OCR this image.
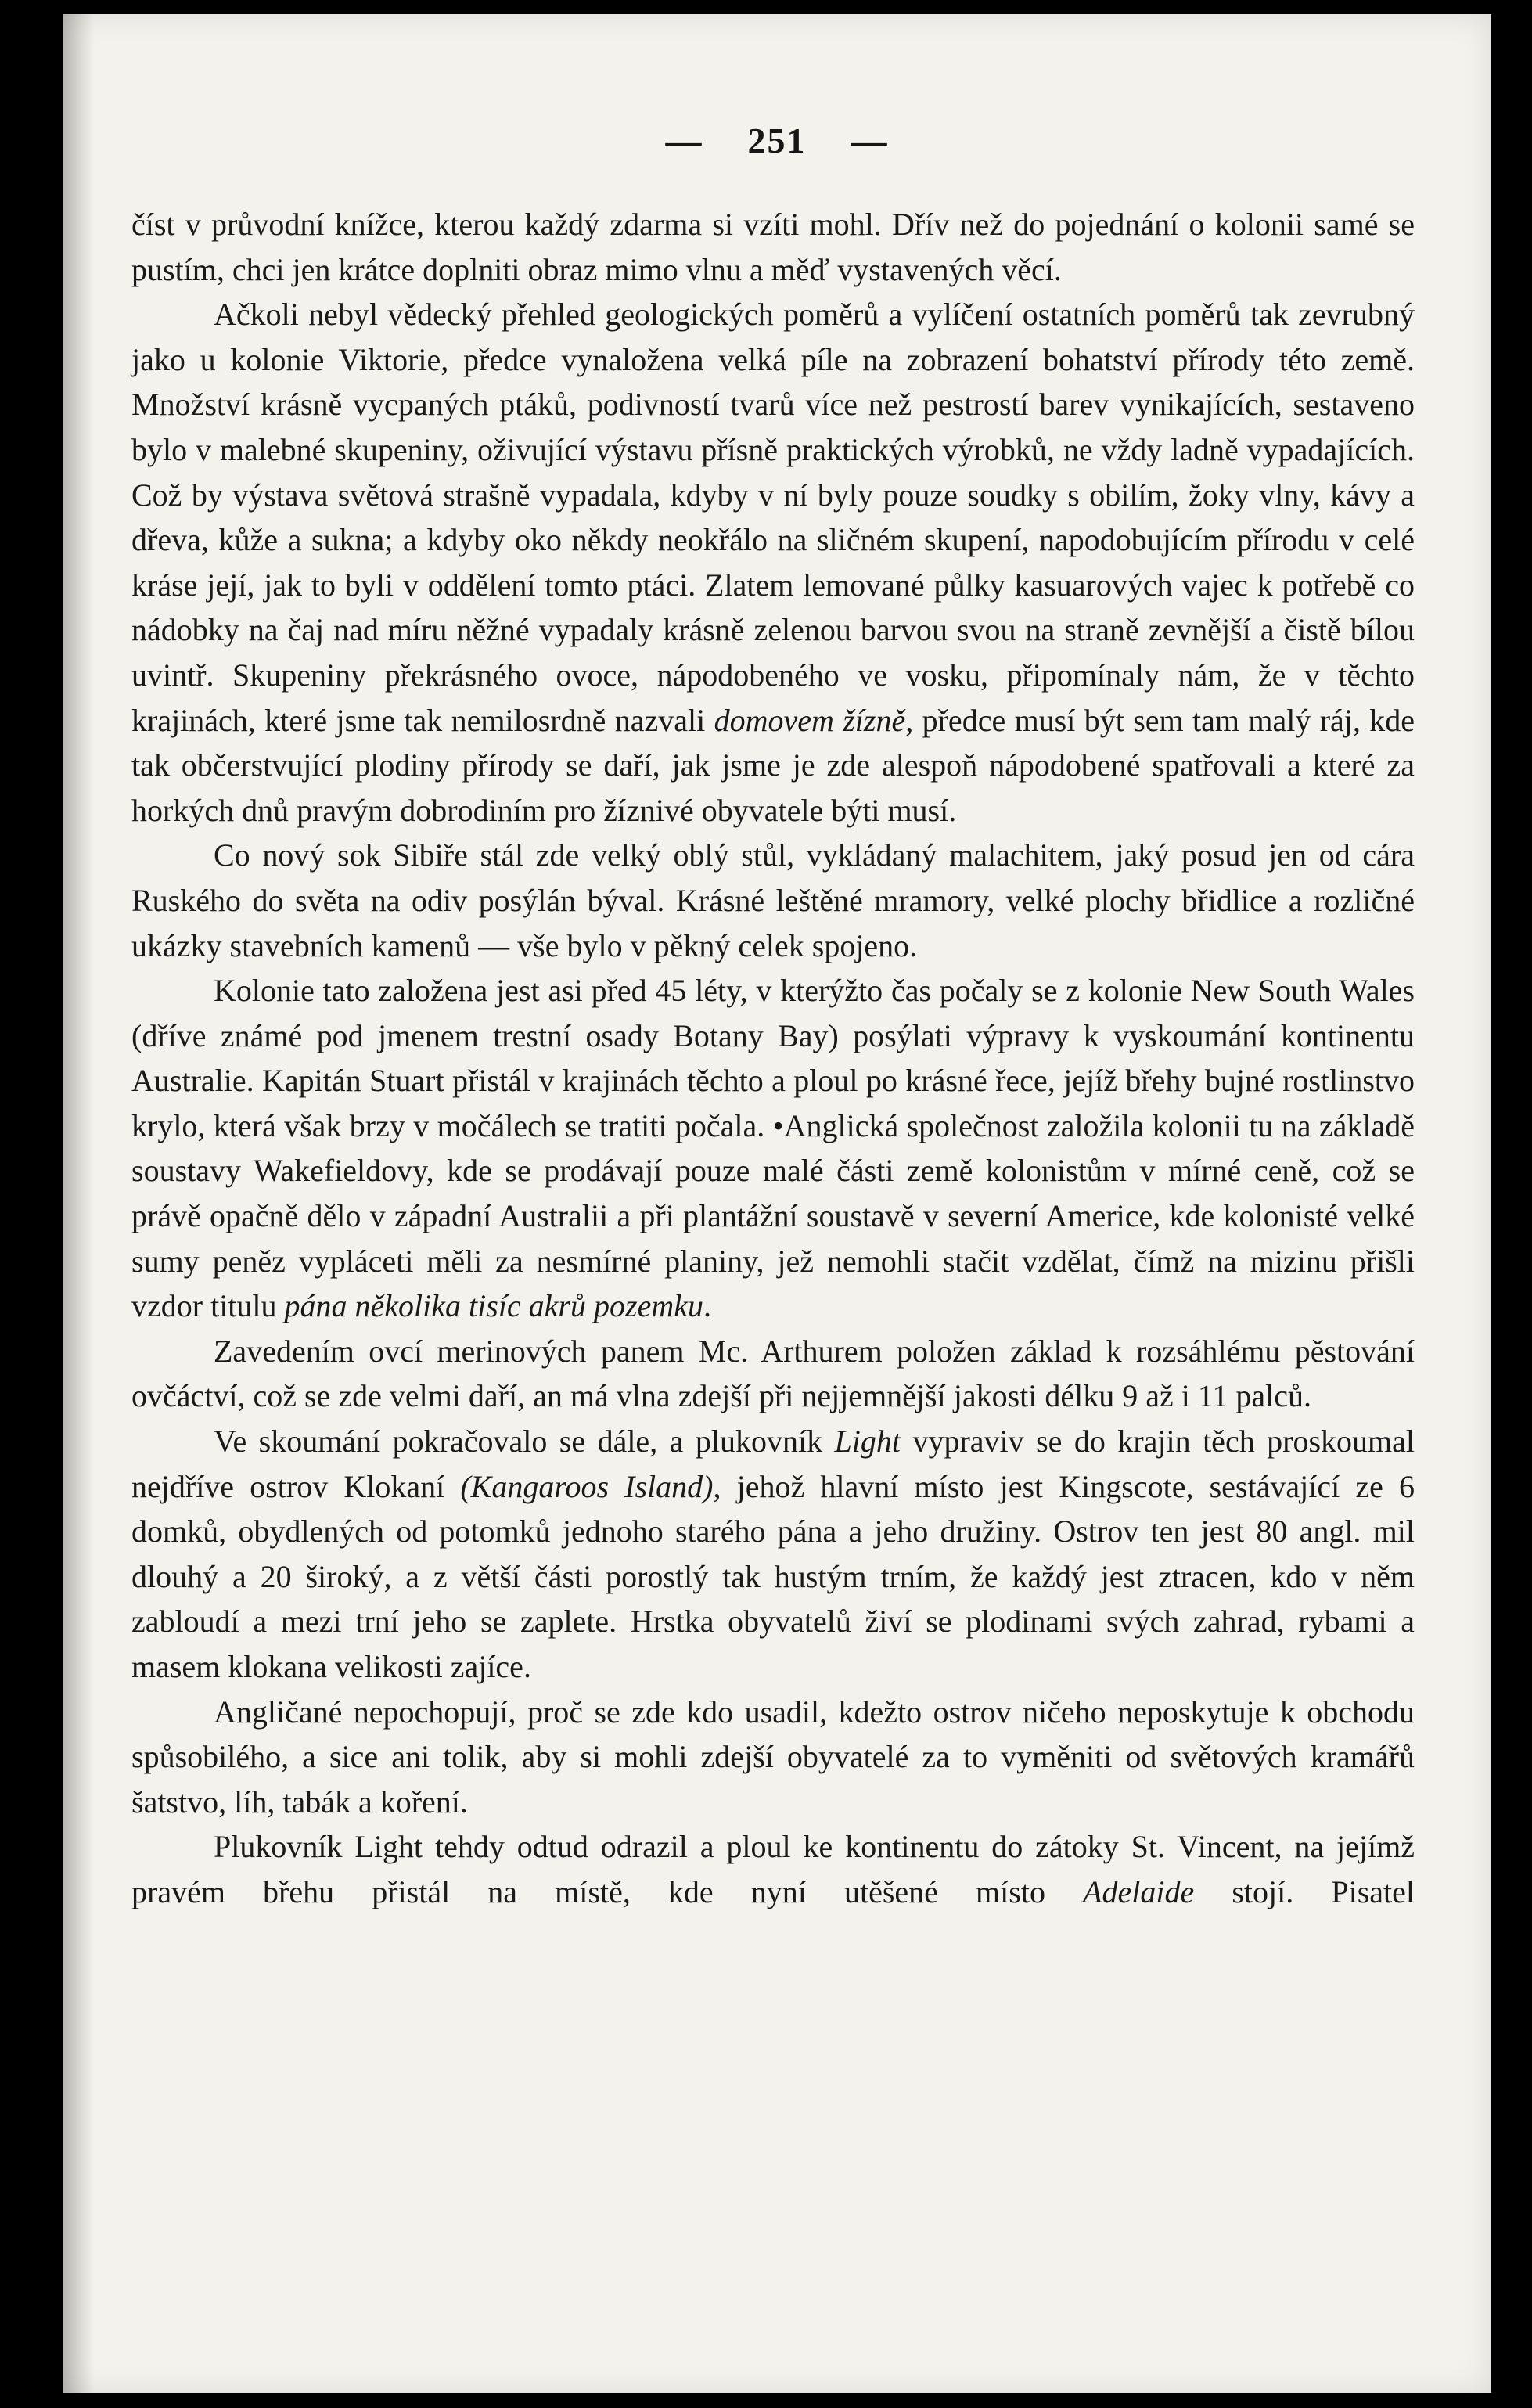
— 251 —

číst v průvodní knížce, kterou každý zdarma si vzíti mohl. Dřív než do pojednání o kolonii samé se pustím, chci jen krátce doplniti obraz mimo vlnu a měď vystavených věcí.

Ačkoli nebyl vědecký přehled geologických poměrů a vylíčení ostatních poměrů tak zevrubný jako u kolonie Viktorie, předce vynaložena velká píle na zobrazení bohatství přírody této země. Množství krásně vycpaných ptáků, podivností tvarů více než pestrostí barev vynikajících, sestaveno bylo v malebné skupeniny, oživující výstavu přísně praktických výrobků, ne vždy ladně vypadajících. Což by výstava světová strašně vypadala, kdyby v ní byly pouze soudky s obilím, žoky vlny, kávy a dřeva, kůže a sukna; a kdyby oko někdy neokřálo na sličném skupení, napodobujícím přírodu v celé kráse její, jak to byli v oddělení tomto ptáci. Zlatem lemované půlky kasuarových vajec k potřebě co nádobky na čaj nad míru něžné vypadaly krásně zelenou barvou svou na straně zevnější a čistě bílou uvintř. Skupeniny překrásného ovoce, nápodobeného ve vosku, připomínaly nám, že v těchto krajinách, které jsme tak nemilosrdně nazvali domovem žízně, předce musí být sem tam malý ráj, kde tak občerstvující plodiny přírody se daří, jak jsme je zde alespoň nápodobené spatřovali a které za horkých dnů pravým dobrodiním pro žíznivé obyvatele býti musí.

Co nový sok Sibiře stál zde velký oblý stůl, vykládaný malachitem, jaký posud jen od cára Ruského do světa na odiv posýlán býval. Krásné leštěné mramory, velké plochy břidlice a rozličné ukázky stavebních kamenů — vše bylo v pěkný celek spojeno.

Kolonie tato založena jest asi před 45 léty, v kterýžto čas počaly se z kolonie New South Wales (dříve známé pod jmenem trestní osady Botany Bay) posýlati výpravy k vyskoumání kontinentu Australie. Kapitán Stuart přistál v krajinách těchto a ploul po krásné řece, jejíž břehy bujné rostlinstvo krylo, která však brzy v močálech se tratiti počala. •Anglická společnost založila kolonii tu na základě soustavy Wakefieldovy, kde se prodávají pouze malé části země kolonistům v mírné ceně, což se právě opačně dělo v západní Australii a při plantážní soustavě v severní Americe, kde kolonisté velké sumy peněz vypláceti měli za nesmírné planiny, jež nemohli stačit vzdělat, čímž na mizinu přišli vzdor titulu pána několika tisíc akrů pozemku.

Zavedením ovcí merinových panem Mc. Arthurem položen základ k rozsáhlému pěstování ovčáctví, což se zde velmi daří, an má vlna zdejší při nejjemnější jakosti délku 9 až i 11 palců.

Ve skoumání pokračovalo se dále, a plukovník Light vypraviv se do krajin těch proskoumal nejdříve ostrov Klokaní (Kangaroos Island), jehož hlavní místo jest Kingscote, sestávající ze 6 domků, obydlených od potomků jednoho starého pána a jeho družiny. Ostrov ten jest 80 angl. mil dlouhý a 20 široký, a z větší části porostlý tak hustým trním, že každý jest ztracen, kdo v něm zabloudí a mezi trní jeho se zaplete. Hrstka obyvatelů živí se plodinami svých zahrad, rybami a masem klokana velikosti zajíce.

Angličané nepochopují, proč se zde kdo usadil, kdežto ostrov ničeho neposkytuje k obchodu spůsobilého, a sice ani tolik, aby si mohli zdejší obyvatelé za to vyměniti od světových kramářů šatstvo, líh, tabák a koření.

Plukovník Light tehdy odtud odrazil a ploul ke kontinentu do zátoky St. Vincent, na jejímž pravém břehu přistál na místě, kde nyní utěšené místo Adelaide stojí. Pisatel
